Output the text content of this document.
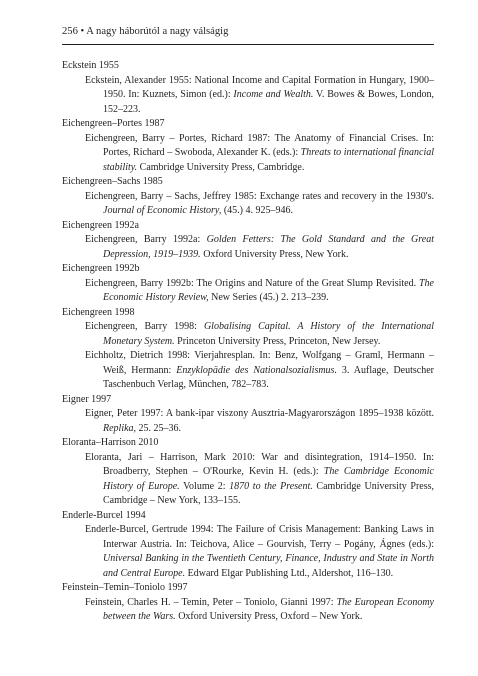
256 • A nagy háborútól a nagy válságig

Eckstein 1955

Eckstein, Alexander 1955: National Income and Capital Formation in Hungary, 1900–1950. In: Kuznets, Simon (ed.): Income and Wealth. V. Bowes & Bowes, London, 152–223.

Eichengreen–Portes 1987

Eichengreen, Barry – Portes, Richard 1987: The Anatomy of Financial Crises. In: Portes, Richard – Swoboda, Alexander K. (eds.): Threats to international financial stability. Cambridge University Press, Cambridge.

Eichengreen–Sachs 1985

Eichengreen, Barry – Sachs, Jeffrey 1985: Exchange rates and recovery in the 1930's. Journal of Economic History, (45.) 4. 925–946.

Eichengreen 1992a

Eichengreen, Barry 1992a: Golden Fetters: The Gold Standard and the Great Depression, 1919–1939. Oxford University Press, New York.

Eichengreen 1992b

Eichengreen, Barry 1992b: The Origins and Nature of the Great Slump Revisited. The Economic History Review, New Series (45.) 2. 213–239.

Eichengreen 1998

Eichengreen, Barry 1998: Globalising Capital. A History of the International Monetary System. Princeton University Press, Princeton, New Jersey.

Eichholtz, Dietrich 1998: Vierjahresplan. In: Benz, Wolfgang – Graml, Hermann – Weiß, Hermann: Enzyklopädie des Nationalsozialismus. 3. Auflage, Deutscher Taschenbuch Verlag, München, 782–783.

Eigner 1997

Eigner, Peter 1997: A bank-ipar viszony Ausztria-Magyarországon 1895–1938 között. Replika, 25. 25–36.

Eloranta–Harrison 2010

Eloranta, Jari – Harrison, Mark 2010: War and disintegration, 1914–1950. In: Broadberry, Stephen – O'Rourke, Kevin H. (eds.): The Cambridge Economic History of Europe. Volume 2: 1870 to the Present. Cambridge University Press, Cambridge – New York, 133–155.

Enderle-Burcel 1994

Enderle-Burcel, Gertrude 1994: The Failure of Crisis Management: Banking Laws in Interwar Austria. In: Teichova, Alice – Gourvish, Terry – Pogány, Ágnes (eds.): Universal Banking in the Twentieth Century, Finance, Industry and State in North and Central Europe. Edward Elgar Publishing Ltd., Aldershot, 116–130.

Feinstein–Temin–Toniolo 1997

Feinstein, Charles H. – Temin, Peter – Toniolo, Gianni 1997: The European Economy between the Wars. Oxford University Press, Oxford – New York.
